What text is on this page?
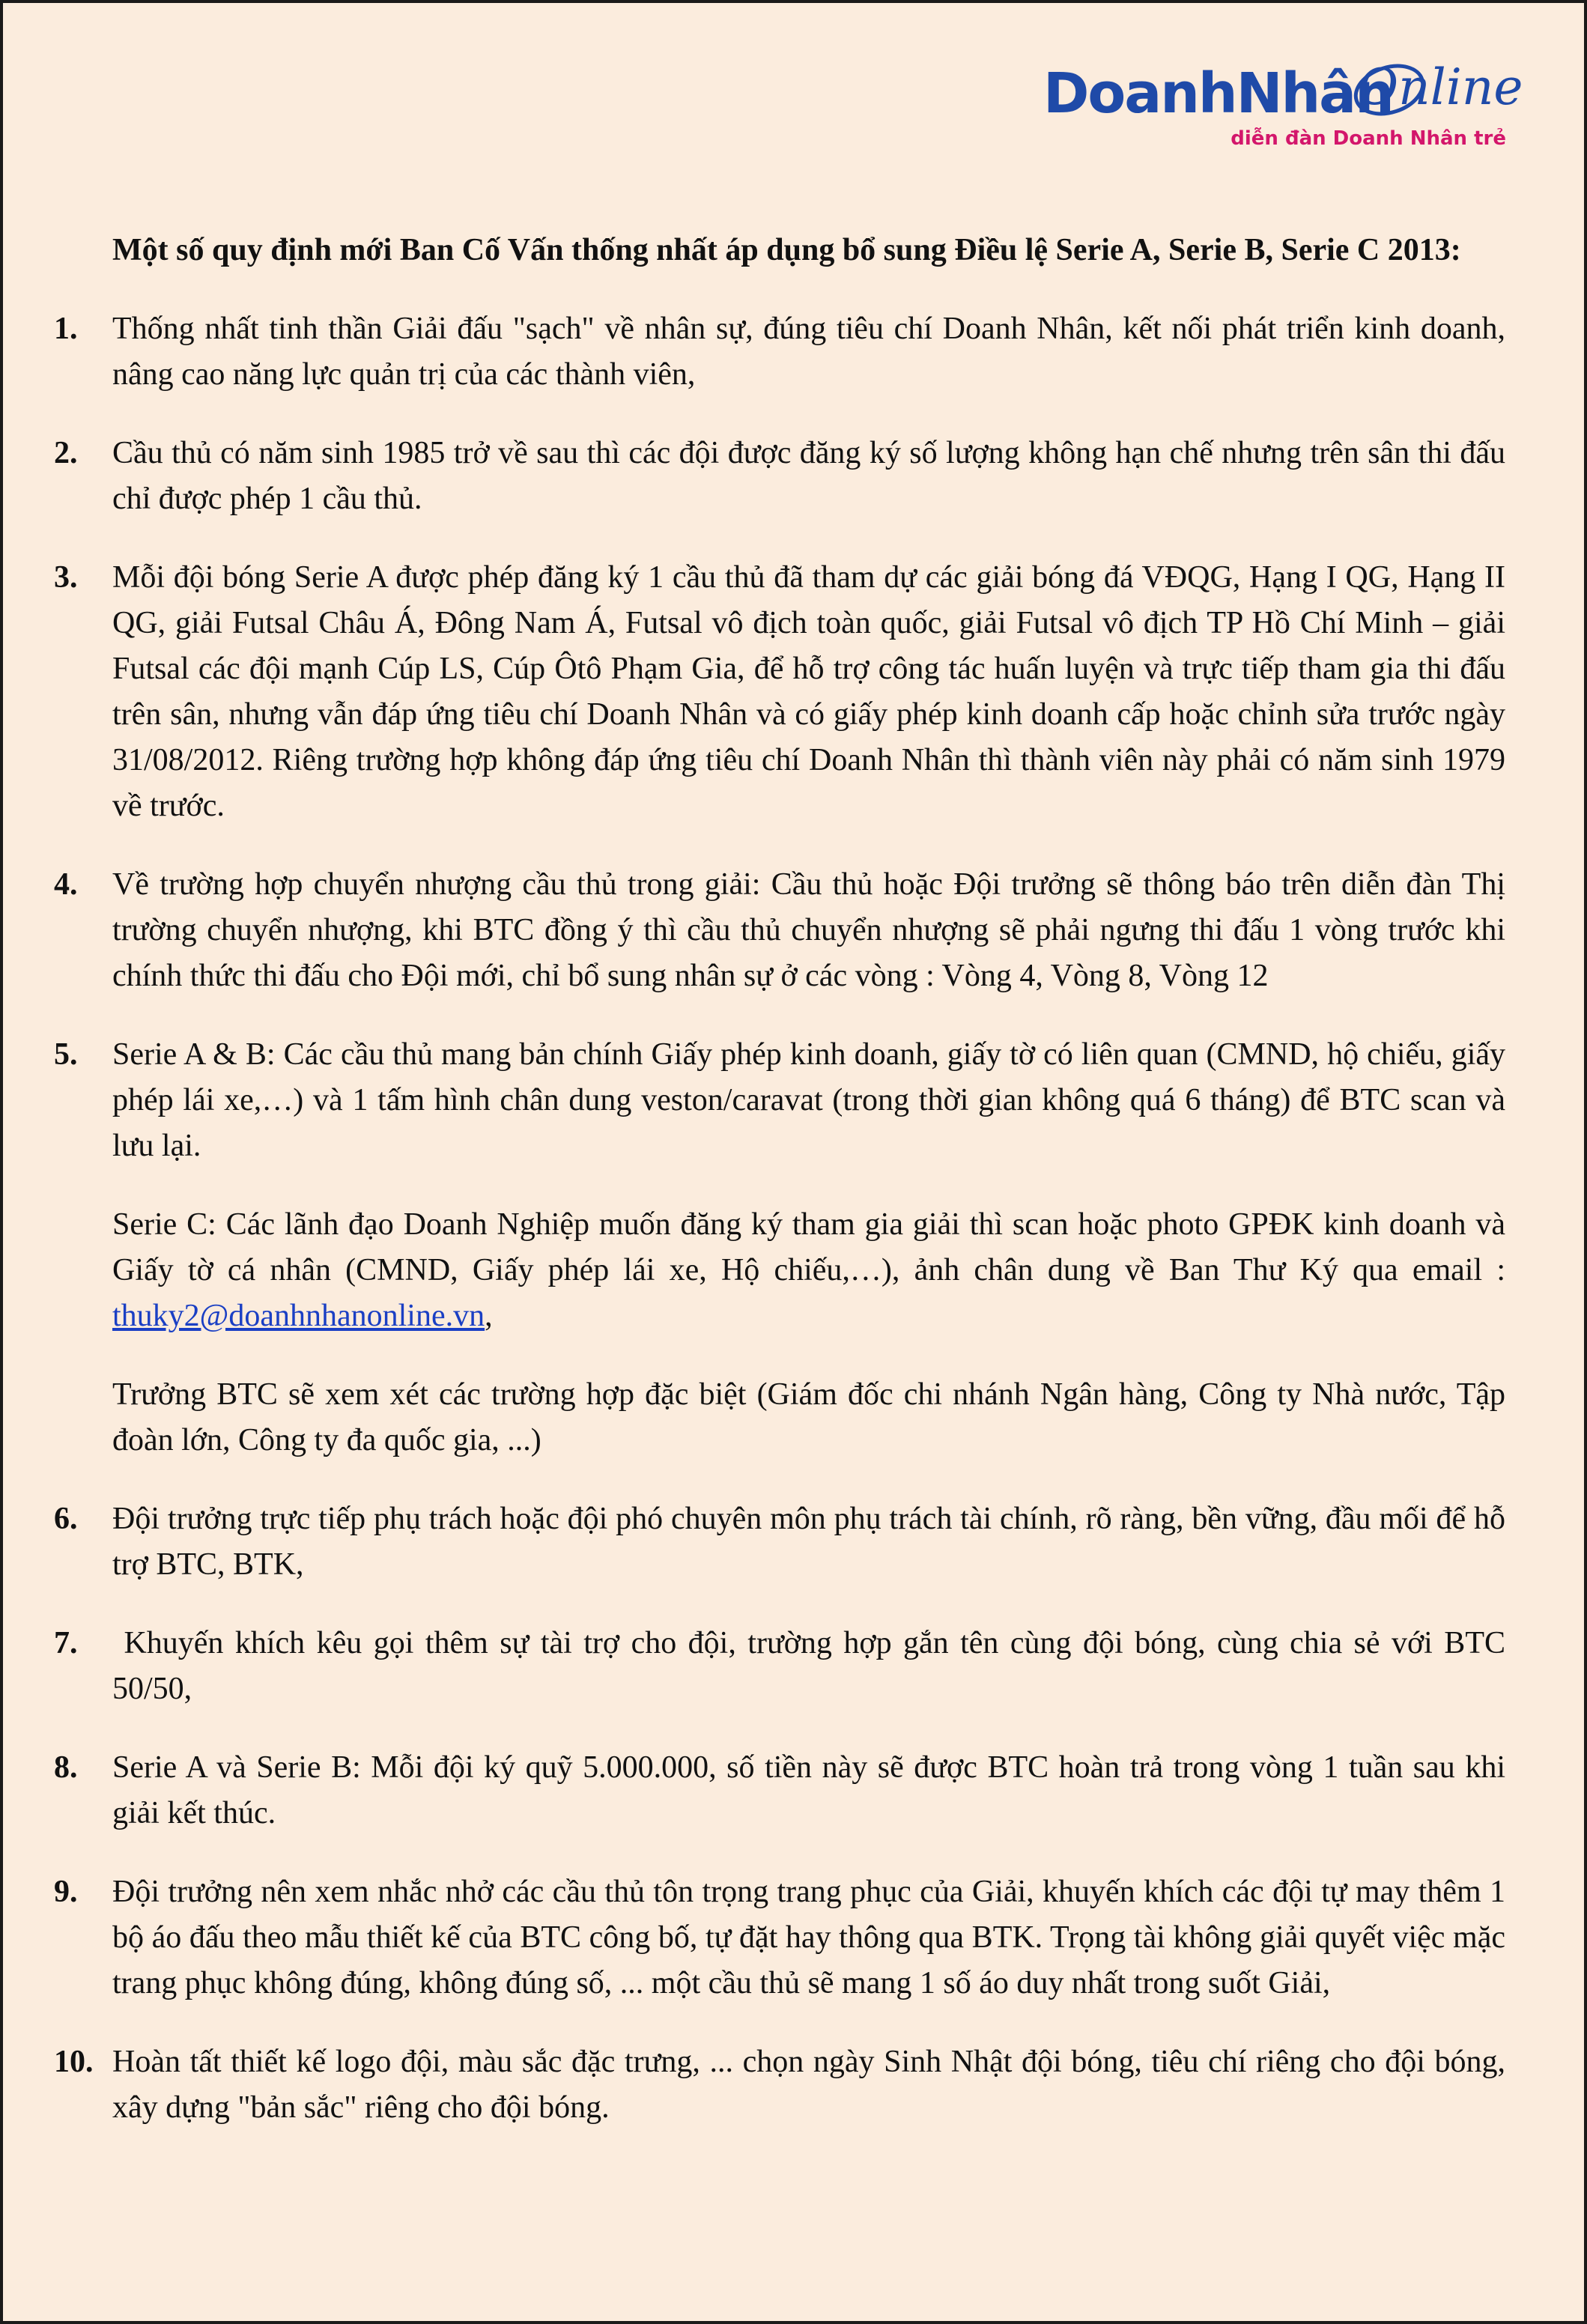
DoanhNhân
Online
diễn đàn Doanh Nhân trẻ
Một số quy định mới Ban Cố Vấn thống nhất áp dụng bổ sung Điều lệ Serie A, Serie B, Serie C 2013:
1.	Thống nhất tinh thần Giải đấu "sạch" về nhân sự, đúng tiêu chí Doanh Nhân, kết nối phát triển kinh doanh, nâng cao năng lực quản trị của các thành viên,
2.	Cầu thủ có năm sinh 1985 trở về sau thì các đội được đăng ký số lượng không hạn chế nhưng trên sân thi đấu chỉ được phép 1 cầu thủ.
3.	Mỗi đội bóng Serie A được phép đăng ký 1 cầu thủ đã tham dự các giải bóng đá VĐQG, Hạng I QG, Hạng II QG, giải Futsal Châu Á, Đông Nam Á, Futsal vô địch toàn quốc, giải Futsal vô địch TP Hồ Chí Minh – giải Futsal các đội mạnh Cúp LS, Cúp Ôtô Phạm Gia, để hỗ trợ công tác huấn luyện và trực tiếp tham gia thi đấu trên sân, nhưng vẫn đáp ứng tiêu chí Doanh Nhân và có giấy phép kinh doanh cấp hoặc chỉnh sửa trước ngày 31/08/2012. Riêng trường hợp không đáp ứng tiêu chí Doanh Nhân thì thành viên này phải có năm sinh 1979 về trước.
4.	Về trường hợp chuyển nhượng cầu thủ trong giải: Cầu thủ hoặc Đội trưởng sẽ thông báo trên diễn đàn Thị trường chuyển nhượng, khi BTC đồng ý thì cầu thủ chuyển nhượng sẽ phải ngưng thi đấu 1 vòng trước khi chính thức thi đấu cho Đội mới, chỉ bổ sung nhân sự ở các vòng : Vòng 4, Vòng 8, Vòng 12
5.	Serie A & B: Các cầu thủ mang bản chính Giấy phép kinh doanh, giấy tờ có liên quan (CMND, hộ chiếu, giấy phép lái xe,…) và 1 tấm hình chân dung veston/caravat (trong thời gian không quá 6 tháng) để BTC scan và lưu lại.
Serie C: Các lãnh đạo Doanh Nghiệp muốn đăng ký tham gia giải thì scan hoặc photo GPĐK kinh doanh và Giấy tờ cá nhân (CMND, Giấy phép lái xe, Hộ chiếu,…), ảnh chân dung về Ban Thư Ký qua email : thuky2@doanhnhanonline.vn,
Trưởng BTC sẽ xem xét các trường hợp đặc biệt (Giám đốc chi nhánh Ngân hàng, Công ty Nhà nước, Tập đoàn lớn, Công ty đa quốc gia, ...)
6.	Đội trưởng trực tiếp phụ trách hoặc đội phó chuyên môn phụ trách tài chính, rõ ràng, bền vững, đầu mối để hỗ trợ BTC, BTK,
7.	Khuyến khích kêu gọi thêm sự tài trợ cho đội, trường hợp gắn tên cùng đội bóng, cùng chia sẻ với BTC 50/50,
8.	Serie A và Serie B: Mỗi đội ký quỹ 5.000.000, số tiền này sẽ được BTC hoàn trả trong vòng 1 tuần sau khi giải kết thúc.
9.	Đội trưởng nên xem nhắc nhở các cầu thủ tôn trọng trang phục của Giải, khuyến khích các đội tự may thêm 1 bộ áo đấu theo mẫu thiết kế của BTC công bố, tự đặt hay thông qua BTK. Trọng tài không giải quyết việc mặc trang phục không đúng, không đúng số, ... một cầu thủ sẽ mang 1 số áo duy nhất trong suốt Giải,
10. Hoàn tất thiết kế logo đội, màu sắc đặc trưng, ... chọn ngày Sinh Nhật đội bóng, tiêu chí riêng cho đội bóng, xây dựng "bản sắc" riêng cho đội bóng.
